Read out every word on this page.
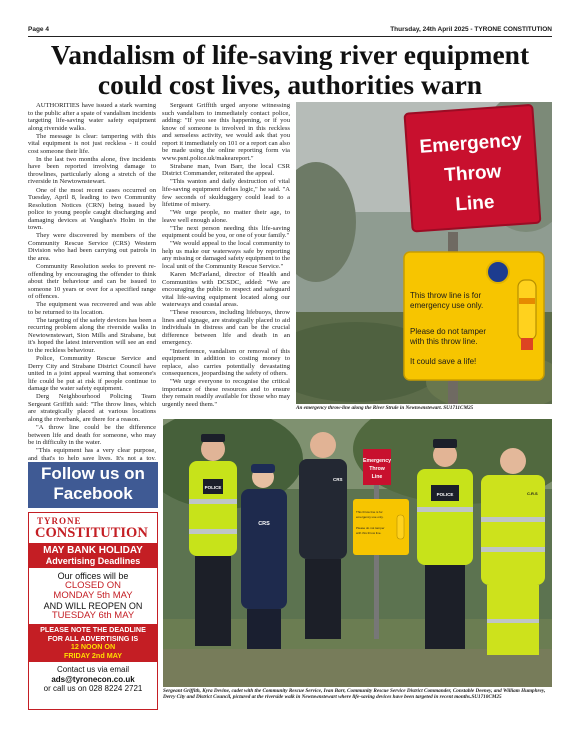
Page 4	Thursday, 24th April 2025 - TYRONE CONSTITUTION
Vandalism of life-saving river equipment could cost lives, authorities warn

AUTHORITIES have issued a stark warning to the public after a spate of vandalism incidents targeting life-saving water safety equipment along riverside walks.

The message is clear: tampering with this vital equipment is not just reckless - it could cost someone their life.

In the last two months alone, five incidents have been reported involving damage to throwlines, particularly along a stretch of the riverside in Newtownstewart.

One of the most recent cases occurred on Tuesday, April 8, leading to two Community Resolution Notices (CRN) being issued by police to young people caught discharging and damaging devices at Vaughan's Holm in the town.

They were discovered by members of the Community Rescue Service (CRS) Western Division who had been carrying out patrols in the area.

Community Resolution seeks to prevent re-offending by encouraging the offender to think about their behaviour and can be issued to someone 10 years or over for a specified range of offences.

The equipment was recovered and was able to be returned to its location.

The targeting of the safety devices has been a recurring problem along the riverside walks in Newtownstewart, Sion Mills and Strabane, but it's hoped the latest intervention will see an end to the reckless behaviour.

Police, Community Rescue Service and Derry City and Strabane District Council have united in a joint appeal warning that someone's life could be put at risk if people continue to damage the water safety equipment.

Derg Neighbourhood Policing Team Sergeant Griffith said: "The throw lines, which are strategically placed at various locations along the riverbank, are there for a reason.

"A throw line could be the difference between life and death for someone, who may be in difficulty in the water.

"This equipment has a very clear purpose, and that's to help save lives. It's not a toy,

Sergeant Griffith urged anyone witnessing such vandalism to immediately contact police, adding: "If you see this happening, or if you know of someone is involved in this reckless and senseless activity, we would ask that you report it immediately on 101 or a report can also be made using the online reporting form via www.psni.police.uk/makeareport."

Strabane man, Ivan Barr, the local CSR District Commander, reiterated the appeal.

"This wanton and daily destruction of vital life-saving equipment defies logic," he said. "A few seconds of skulduggery could lead to a lifetime of misery.

"We urge people, no matter their age, to leave well enough alone.

"The next person needing this life-saving equipment could be you, or one of your family."

"We would appeal to the local community to help us make our waterways safe by reporting any missing or damaged safety equipment to the local unit of the Community Rescue Service."

Karen McFarland, director of Health and Communities with DCSDC, added: "We are encouraging the public to respect and safeguard vital life-saving equipment located along our waterways and coastal areas.

"These resources, including lifebuoys, throw lines and signage, are strategically placed to aid individuals in distress and can be the crucial difference between life and death in an emergency.

"Interference, vandalism or removal of this equipment in addition to costing money to replace, also carries potentially devastating consequences, jeopardising the safety of others.

"We urge everyone to recognise the critical importance of these resources and to ensure they remain readily available for those who may urgently need them."

Emergency
Throw
Line
This throw line is for
emergency use only.
Please do not tamper
with this throw line.
It could save a life!
An emergency throw-line along the River Strule in Newtownstewart. SU1711CM25
Emergency
Throw
Line
This throw line is for
emergency use only.
Please do not tamper
with this throw line.
POLICE
CRS
CRS
POLICE	C.R.S
Sergeant Griffith, Kyra Devine, cadet with the Community Rescue Service, Ivan Barr, Community Rescue Service District Commander, Constable Deeney, and William Humphrey, Derry City and District Council, pictured at the riverside walk in Newtownstewart where life-saving devices have been targeted in recent months.SU1710CM25
Follow us on
Facebook
TYRONE
CONSTITUTION
MAY BANK HOLIDAY
Advertising Deadlines
Our offices will be
CLOSED ON
MONDAY 5th MAY
AND WILL REOPEN ON
TUESDAY 6th MAY
PLEASE NOTE THE DEADLINE
FOR ALL ADVERTISING IS
12 NOON ON
FRIDAY 2nd MAY
Contact us via email
ads@tyronecon.co.uk
or call us on 028 8224 2721
